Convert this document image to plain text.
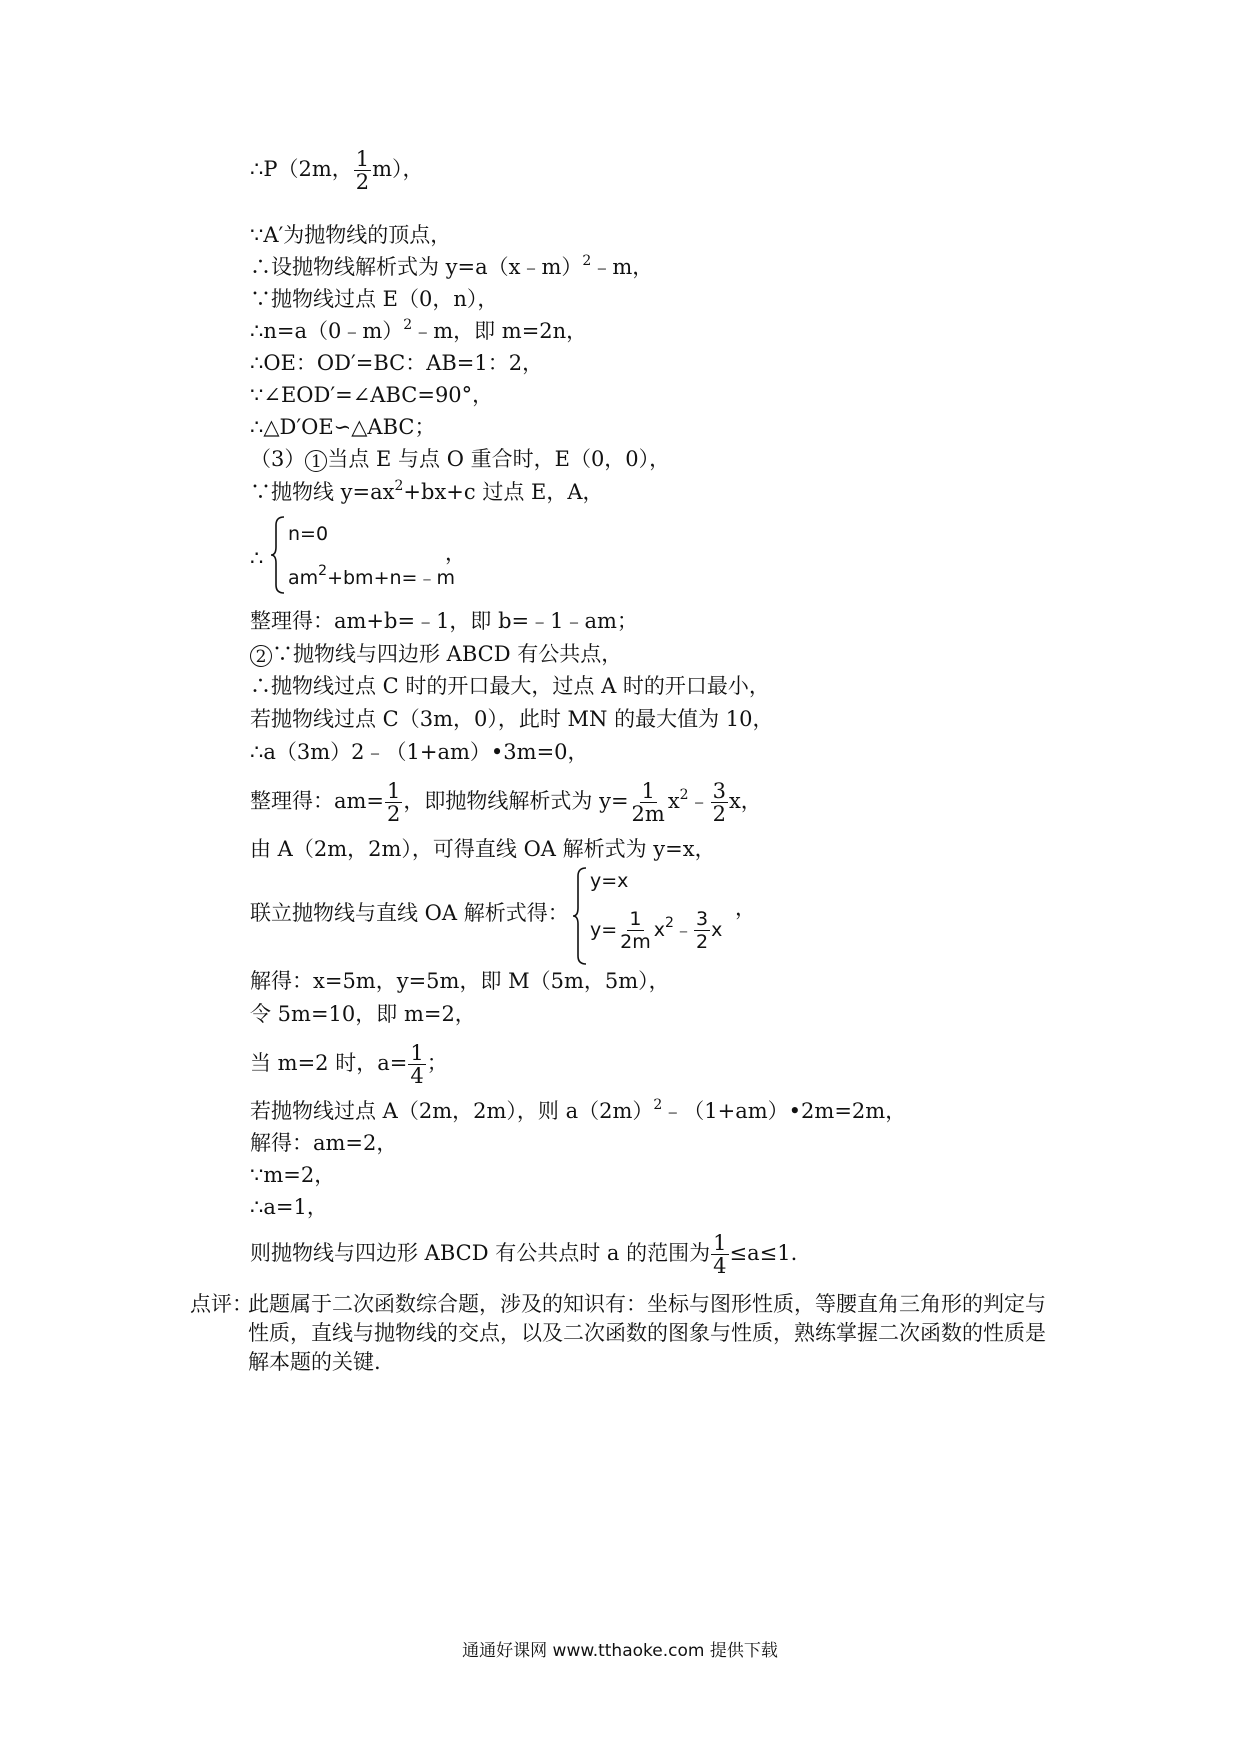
∴P（2m， $\frac{1}{2} m$），
∵A′为抛物线的顶点，
∴设抛物线解析式为 y=a（x﹣m）$^2$﹣m，
∵抛物线过点 E（0，n），
∴n=a（0﹣m）$^2$﹣m，即 m=2n，
∴OE：OD′=BC：AB=1：2，
∵∠EOD′=∠ABC=90°，
∴△D′OE∽△ABC；
（3） 1 当点 E 与点 O 重合时，E（0，0），
∵抛物线 $y=ax^2+bx+c$ 过点 E，A，
∴
n=0
$am^2+bm+n=﹣m$
，
整理得：am+b=﹣1，即 b=﹣1﹣am；
2 ∵抛物线与四边形 ABCD 有公共点，
∴抛物线过点 C 时的开口最大，过点 A 时的开口最小，
若抛物线过点 C（3m，0），此时 MN 的最大值为 10，
∴a（3m）2﹣（1+am）•3m=0，
整理得：$am= \frac{1}{2}$ ，即抛物线解析式为 $y= \frac{1}{2m}$ $x^2﹣ \frac{3}{2}$ x，
由 A（2m，2m），可得直线 OA 解析式为 y=x，
联立抛物线与直线 OA 解析式得：
y=x
$y= \frac{1}{2m}$ $x^2﹣ \frac{3}{2}$ x
，
解得：x=5m，y=5m，即 M（5m，5m），
令 5m=10，即 m=2，
当 m=2 时，$a= \frac{1}{4}$ ；
若抛物线过点 A（2m，2m），则 $a(2m)^2﹣(1+am)•2m=2m$，
解得：am=2，
∵m=2，
∴a=1，
则抛物线与四边形 ABCD 有公共点时 a 的范围为 $\frac{1}{4} \le a\le 1$.
点评：
此题属于二次函数综合题，涉及的知识有：坐标与图形性质，等腰直角三角形的判定与性质，直线与抛物线的交点，以及二次函数的图象与性质，熟练掌握二次函数的性质是解本题的关键.
通通好课网 www.tthaoke.com 提供下载
